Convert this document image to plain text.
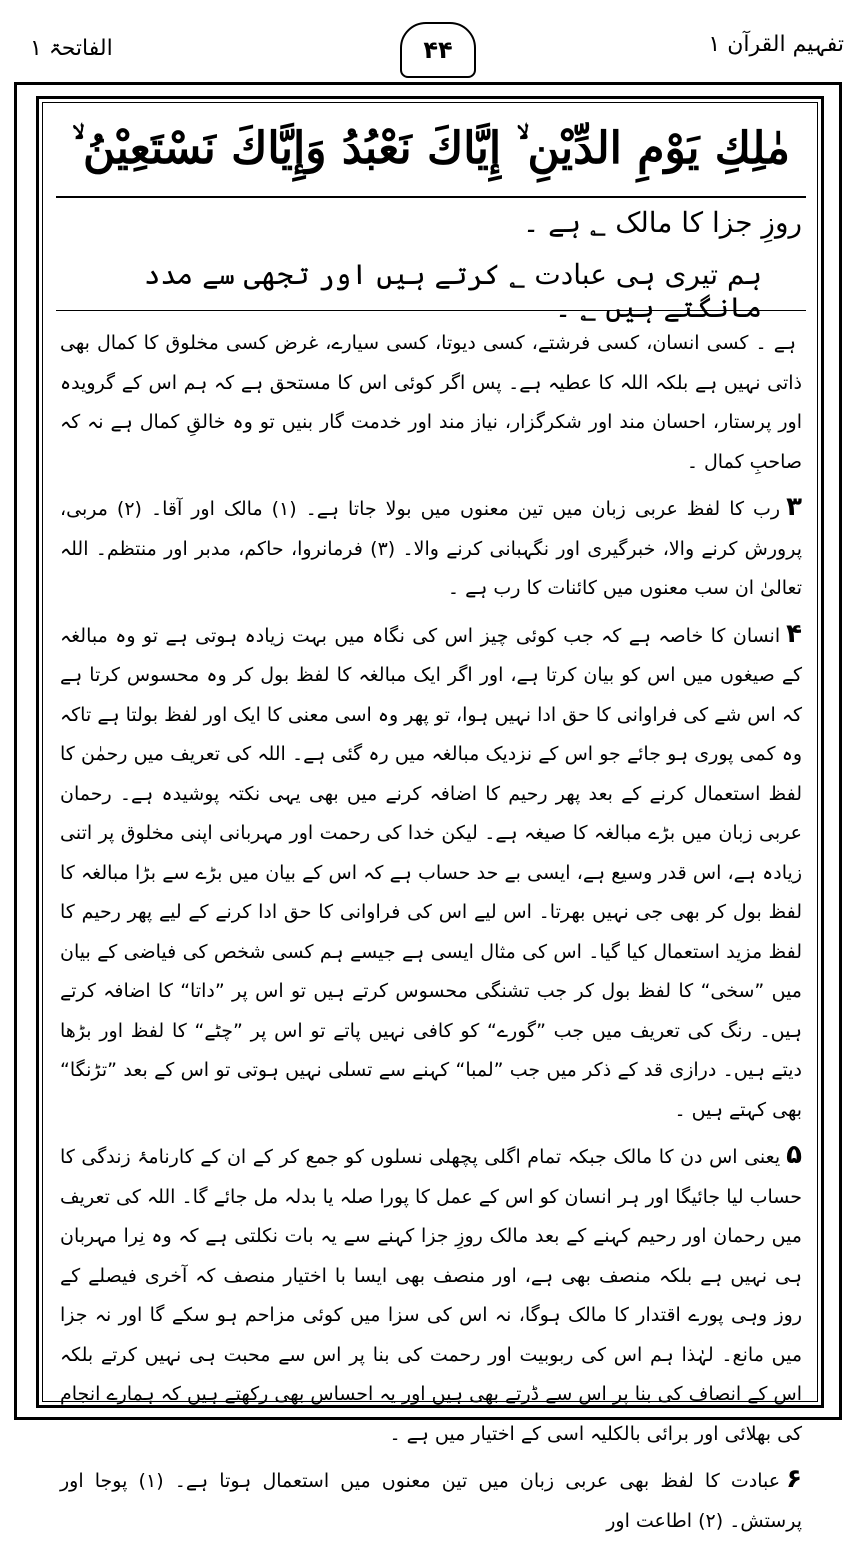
تفہیم القرآن ۱
۴۴
الفاتحۃ ۱
مٰلِكِ يَوْمِ الدِّيْنِ ۙ إِيَّاكَ نَعْبُدُ وَإِيَّاكَ نَسْتَعِيْنُ ۙ
روزِ جزا کا مالک ؂ ہے ۔
ہم تیری ہی عبادت ؂ کرتے ہیں اور تجھی سے مدد مانگتے ہیں ؂ ۔

ہے ۔ کسی انسان، کسی فرشتے، کسی دیوتا، کسی سیارے، غرض کسی مخلوق کا کمال بھی ذاتی نہیں ہے بلکہ اللہ کا عطیہ ہے۔ پس اگر کوئی اس کا مستحق ہے کہ ہم اس کے گرویدہ اور پرستار، احسان مند اور شکرگزار، نیاز مند اور خدمت گار بنیں تو وہ خالقِ کمال ہے نہ کہ صاحبِ کمال ۔

۳رب کا لفظ عربی زبان میں تین معنوں میں بولا جاتا ہے۔ (۱) مالک اور آقا۔ (۲) مربی، پرورش کرنے والا، خبرگیری اور نگہبانی کرنے والا۔ (۳) فرمانروا، حاکم، مدبر اور منتظم۔ اللہ تعالیٰ ان سب معنوں میں کائنات کا رب ہے ۔

۴انسان کا خاصہ ہے کہ جب کوئی چیز اس کی نگاہ میں بہت زیادہ ہوتی ہے تو وہ مبالغہ کے صیغوں میں اس کو بیان کرتا ہے، اور اگر ایک مبالغہ کا لفظ بول کر وہ محسوس کرتا ہے کہ اس شے کی فراوانی کا حق ادا نہیں ہوا، تو پھر وہ اسی معنی کا ایک اور لفظ بولتا ہے تاکہ وہ کمی پوری ہو جائے جو اس کے نزدیک مبالغہ میں رہ گئی ہے۔ اللہ کی تعریف میں رحمٰن کا لفظ استعمال کرنے کے بعد پھر رحیم کا اضافہ کرنے میں بھی یہی نکتہ پوشیدہ ہے۔ رحمان عربی زبان میں بڑے مبالغہ کا صیغہ ہے۔ لیکن خدا کی رحمت اور مہربانی اپنی مخلوق پر اتنی زیادہ ہے، اس قدر وسیع ہے، ایسی بے حد حساب ہے کہ اس کے بیان میں بڑے سے بڑا مبالغہ کا لفظ بول کر بھی جی نہیں بھرتا۔ اس لیے اس کی فراوانی کا حق ادا کرنے کے لیے پھر رحیم کا لفظ مزید استعمال کیا گیا۔ اس کی مثال ایسی ہے جیسے ہم کسی شخص کی فیاضی کے بیان میں ”سخی“ کا لفظ بول کر جب تشنگی محسوس کرتے ہیں تو اس پر ”داتا“ کا اضافہ کرتے ہیں۔ رنگ کی تعریف میں جب ”گورے“ کو کافی نہیں پاتے تو اس پر ”چٹے“ کا لفظ اور بڑھا دیتے ہیں۔ درازی قد کے ذکر میں جب ”لمبا“ کہنے سے تسلی نہیں ہوتی تو اس کے بعد ”تڑنگا“ بھی کہتے ہیں ۔

۵یعنی اس دن کا مالک جبکہ تمام اگلی پچھلی نسلوں کو جمع کر کے ان کے کارنامۂ زندگی کا حساب لیا جائیگا اور ہر انسان کو اس کے عمل کا پورا صلہ یا بدلہ مل جائے گا۔ اللہ کی تعریف میں رحمان اور رحیم کہنے کے بعد مالک روزِ جزا کہنے سے یہ بات نکلتی ہے کہ وہ نِرا مہربان ہی نہیں ہے بلکہ منصف بھی ہے، اور منصف بھی ایسا با اختیار منصف کہ آخری فیصلے کے روز وہی پورے اقتدار کا مالک ہوگا، نہ اس کی سزا میں کوئی مزاحم ہو سکے گا اور نہ جزا میں مانع۔ لہٰذا ہم اس کی ربوبیت اور رحمت کی بنا پر اس سے محبت ہی نہیں کرتے بلکہ اس کے انصاف کی بنا پر اس سے ڈرتے بھی ہیں اور یہ احساس بھی رکھتے ہیں کہ ہمارے انجام کی بھلائی اور برائی بالکلیہ اسی کے اختیار میں ہے ۔

۶عبادت کا لفظ بھی عربی زبان میں تین معنوں میں استعمال ہوتا ہے۔ (۱) پوجا اور پرستش۔ (۲) اطاعت اور
